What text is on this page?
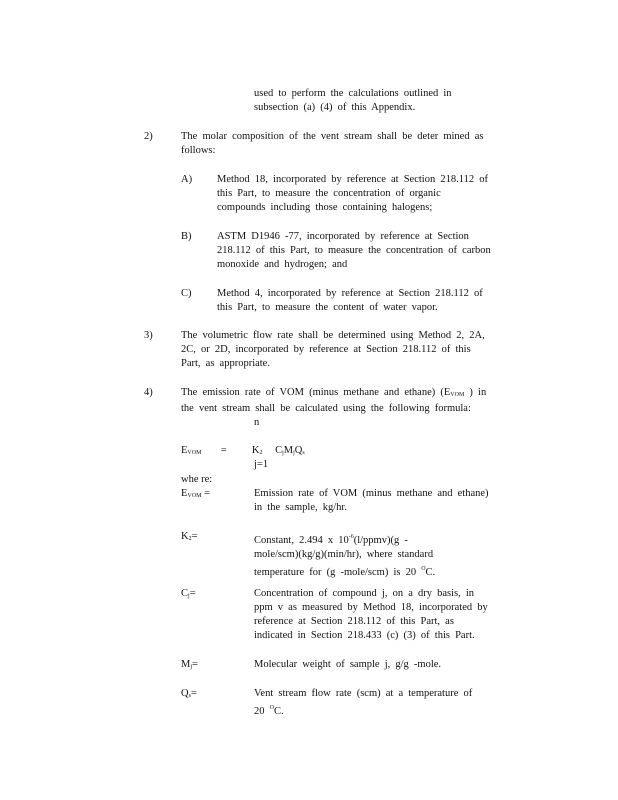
used to perform the calculations outlined in
subsection (a) (4) of this Appendix.
2)	The molar composition of the vent stream shall be deter mined as
follows:
A) Method 18, incorporated by reference at Section 218.112 of
this Part, to measure the concentration of organic
compounds including those containing halogens;
B) ASTM D1946 -77, incorporated by reference at Section
218.112 of this Part, to measure the concentration of carbon
monoxide and hydrogen; and
C) Method 4, incorporated by reference at Section 218.112 of
this Part, to measure the content of water vapor.
3)	The volumetric flow rate shall be determined using Method 2, 2A,
2C, or 2D, incorporated by reference at Section 218.112 of this
Part, as appropriate.
4)	The emission rate of VOM (minus methane and ethane) (EVOM ) in
the vent stream shall be calculated using the following formula:
n
EVOM = K2 CjMjQs
j=1
whe re:
EVOM =	Emission rate of VOM (minus methane and ethane)
in the sample, kg/hr.
K2=	Constant, 2.494 x $10^{-6}(l/ppmv)(g$ -
mole/scm)(kg/g)(min/hr), where standard
temperature for (g -mole/scm) is 20 $^O$C.
Cj=	Concentration of compound j, on a dry basis, in
ppm v as measured by Method 18, incorporated by
reference at Section 218.112 of this Part, as
indicated in Section 218.433 (c) (3) of this Part.
Mj=	Molecular weight of sample j, g/g -mole.
Qs=	Vent stream flow rate (scm) at a temperature of
20 $^O$C.
